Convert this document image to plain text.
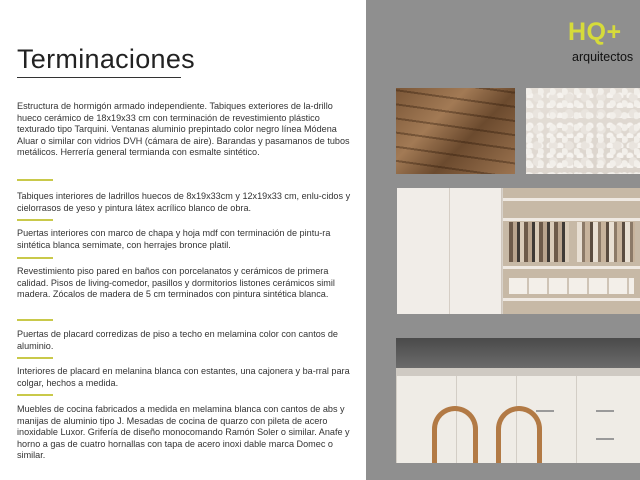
Terminaciones
Estructura de hormigón armado independiente. Tabiques exteriores de la-drillo hueco cerámico de 18x19x33 cm con terminación de revestimiento plástico texturado tipo Tarquini. Ventanas aluminio prepintado color negro línea Módena Aluar o similar con vidrios DVH (cámara de aire). Barandas y pasamanos de tubos metálicos. Herrería general termianda con esmalte sintético.
Tabiques interiores de ladrillos huecos de 8x19x33cm y 12x19x33 cm, enlu-cidos y cielorrasos de yeso y pintura látex acrílico blanco de obra.
Puertas interiores con marco de chapa y hoja mdf con terminación de pintu-ra sintética blanca semimate, con herrajes bronce platil.
Revestimiento piso pared en baños con porcelanatos y cerámicos de primera calidad. Pisos de living-comedor, pasillos y dormitorios listones cerámicos simil madera. Zócalos de madera de 5 cm terminados con pintura sintética blanca.
Puertas de placard corredizas de piso a techo en melamina color con cantos de aluminio.
Interiores de placard en melanina blanca con estantes, una cajonera y ba-rral para colgar, hechos a medida.
Muebles de cocina fabricados a medida en melamina blanca con cantos de abs y manijas de aluminio tipo J. Mesadas de cocina de quarzo con pileta de acero inoxidable Luxor. Grifería de diseño monocomando Ramón Soler o similar. Anafe y horno a gas de cuatro hornallas con tapa de acero inoxi dable marca Domec o similar.
HQ+
arquitectos
